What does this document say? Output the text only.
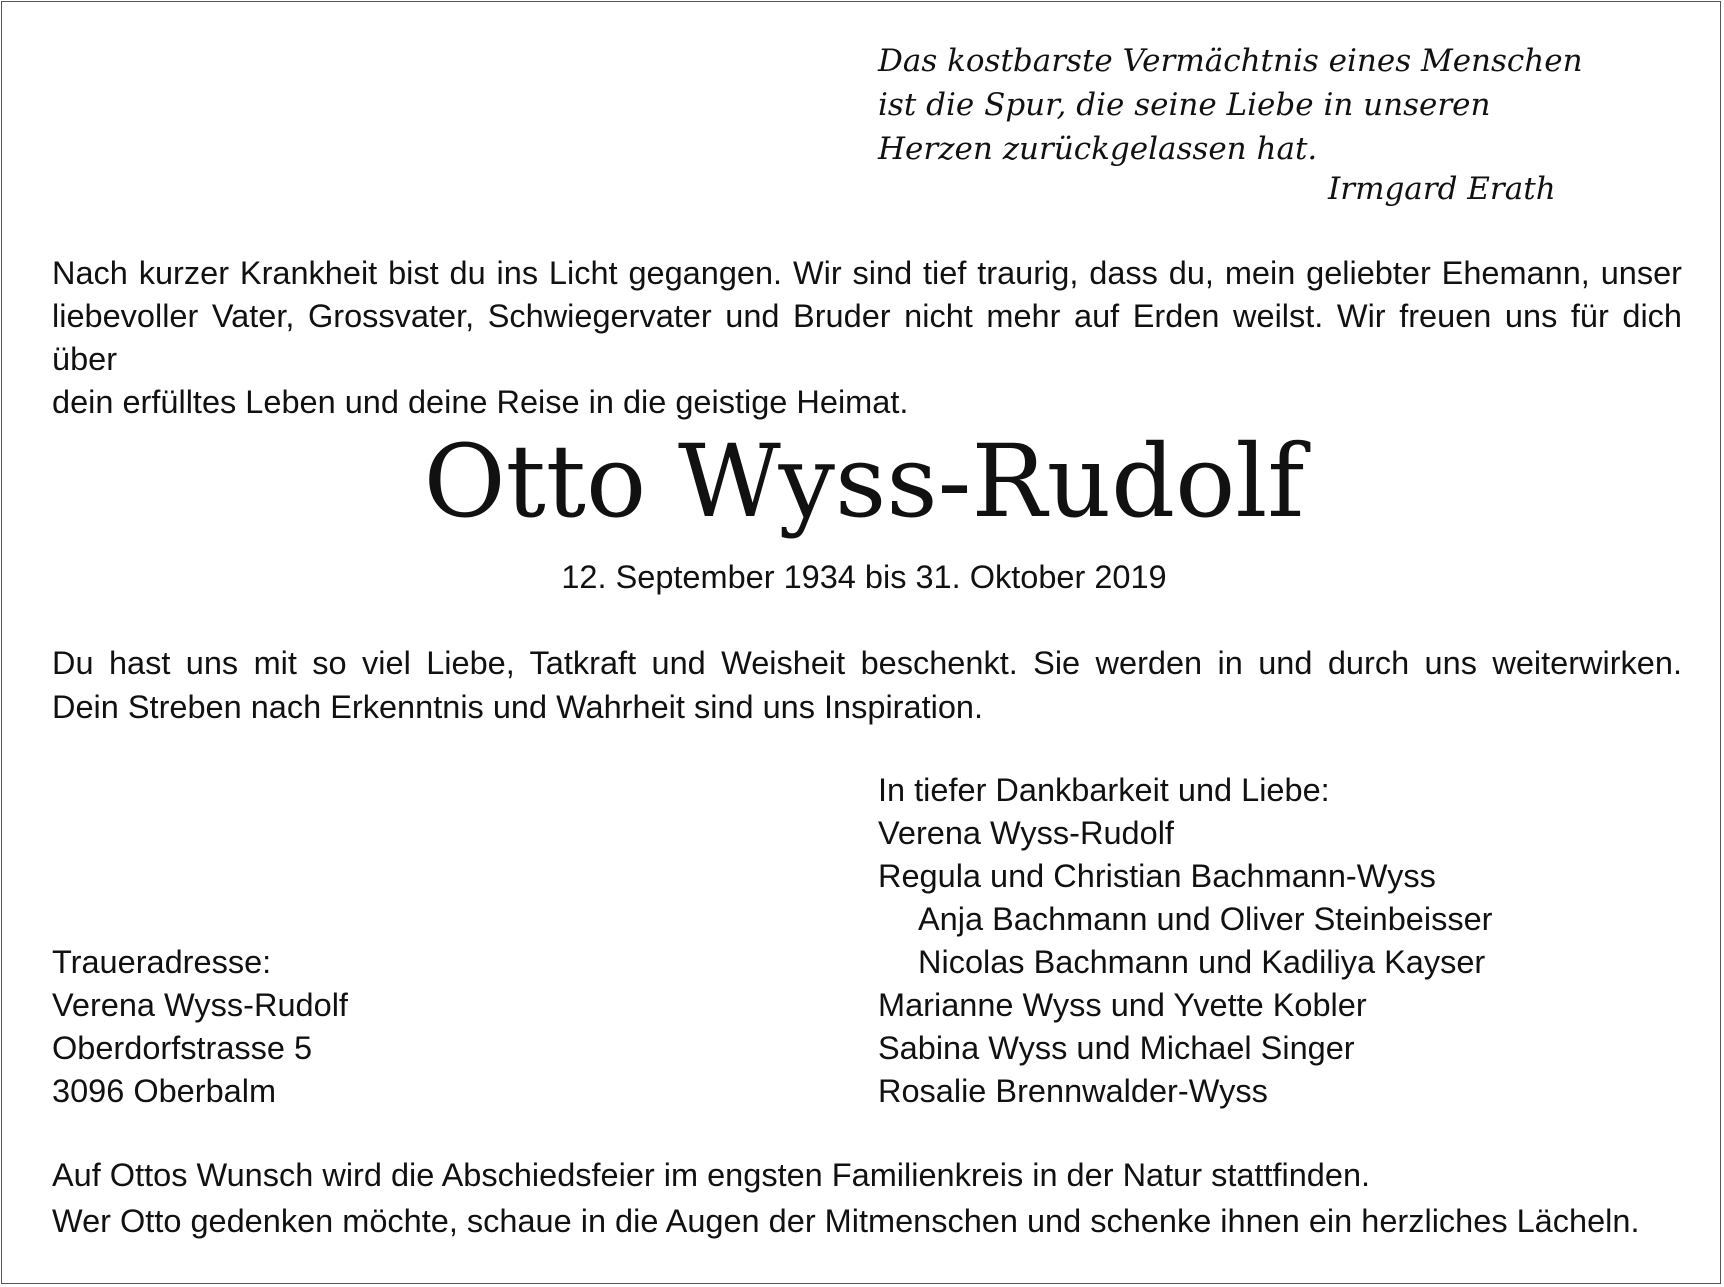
Das kostbarste Vermächtnis eines Menschen
ist die Spur, die seine Liebe in unseren
Herzen zurückgelassen hat.
Irmgard Erath
Nach kurzer Krankheit bist du ins Licht gegangen. Wir sind tief traurig, dass du, mein geliebter Ehemann, unser
liebevoller Vater, Grossvater, Schwiegervater und Bruder nicht mehr auf Erden weilst. Wir freuen uns für dich über
dein erfülltes Leben und deine Reise in die geistige Heimat.
Otto Wyss-Rudolf
12. September 1934 bis 31. Oktober 2019
Du hast uns mit so viel Liebe, Tatkraft und Weisheit beschenkt. Sie werden in und durch uns weiterwirken.
Dein Streben nach Erkenntnis und Wahrheit sind uns Inspiration.
In tiefer Dankbarkeit und Liebe:
Verena Wyss-Rudolf
Regula und Christian Bachmann-Wyss
Anja Bachmann und Oliver Steinbeisser
Nicolas Bachmann und Kadiliya Kayser
Marianne Wyss und Yvette Kobler
Sabina Wyss und Michael Singer
Rosalie Brennwalder-Wyss
Traueradresse:
Verena Wyss-Rudolf
Oberdorfstrasse 5
3096 Oberbalm
Auf Ottos Wunsch wird die Abschiedsfeier im engsten Familienkreis in der Natur stattfinden.
Wer Otto gedenken möchte, schaue in die Augen der Mitmenschen und schenke ihnen ein herzliches Lächeln.
